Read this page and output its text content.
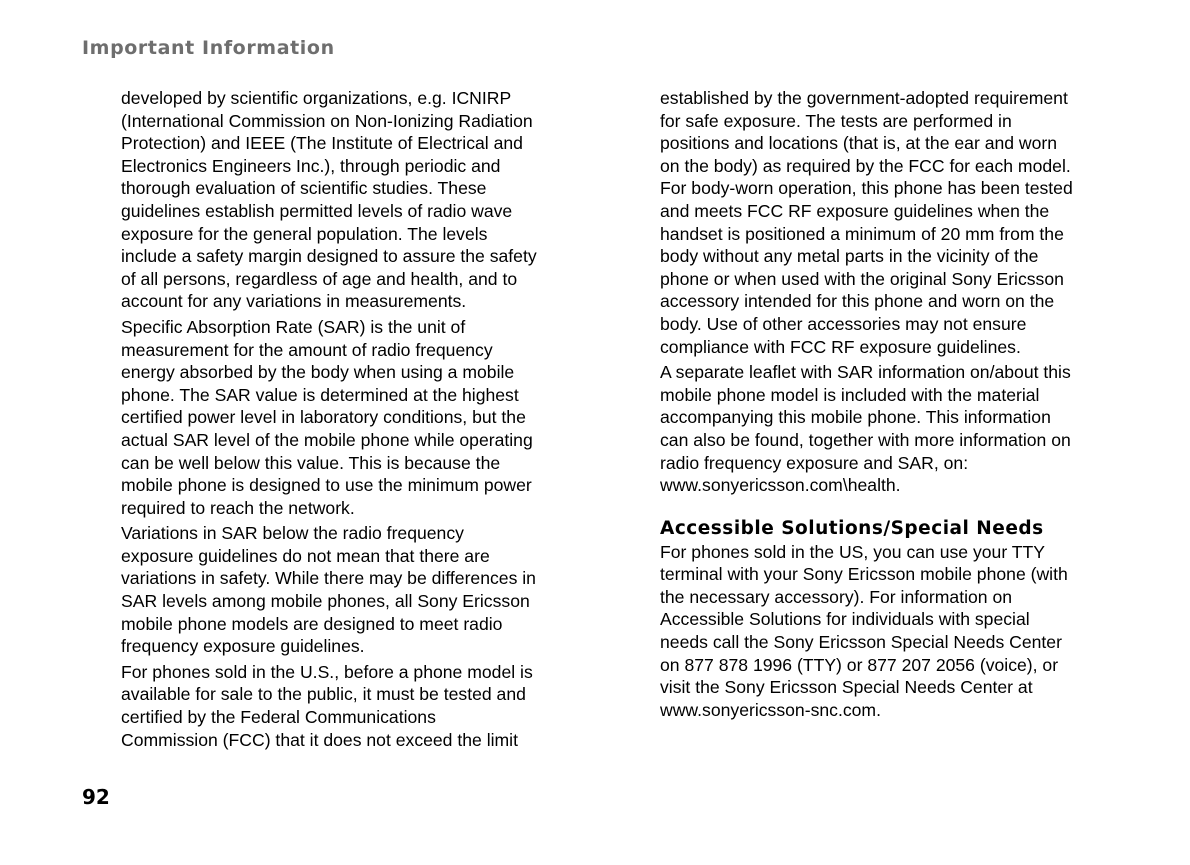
Important Information
developed by scientific organizations, e.g. ICNIRP
(International Commission on Non-Ionizing Radiation
Protection) and IEEE (The Institute of Electrical and
Electronics Engineers Inc.), through periodic and
thorough evaluation of scientific studies. These
guidelines establish permitted levels of radio wave
exposure for the general population. The levels
include a safety margin designed to assure the safety
of all persons, regardless of age and health, and to
account for any variations in measurements.
Specific Absorption Rate (SAR) is the unit of
measurement for the amount of radio frequency
energy absorbed by the body when using a mobile
phone. The SAR value is determined at the highest
certified power level in laboratory conditions, but the
actual SAR level of the mobile phone while operating
can be well below this value. This is because the
mobile phone is designed to use the minimum power
required to reach the network.
Variations in SAR below the radio frequency
exposure guidelines do not mean that there are
variations in safety. While there may be differences in
SAR levels among mobile phones, all Sony Ericsson
mobile phone models are designed to meet radio
frequency exposure guidelines.
For phones sold in the U.S., before a phone model is
available for sale to the public, it must be tested and
certified by the Federal Communications
Commission (FCC) that it does not exceed the limit
established by the government-adopted requirement
for safe exposure. The tests are performed in
positions and locations (that is, at the ear and worn
on the body) as required by the FCC for each model.
For body-worn operation, this phone has been tested
and meets FCC RF exposure guidelines when the
handset is positioned a minimum of 20 mm from the
body without any metal parts in the vicinity of the
phone or when used with the original Sony Ericsson
accessory intended for this phone and worn on the
body. Use of other accessories may not ensure
compliance with FCC RF exposure guidelines.
A separate leaflet with SAR information on/about this
mobile phone model is included with the material
accompanying this mobile phone. This information
can also be found, together with more information on
radio frequency exposure and SAR, on:
www.sonyericsson.com\health.
Accessible Solutions/Special Needs
For phones sold in the US, you can use your TTY
terminal with your Sony Ericsson mobile phone (with
the necessary accessory). For information on
Accessible Solutions for individuals with special
needs call the Sony Ericsson Special Needs Center
on 877 878 1996 (TTY) or 877 207 2056 (voice), or
visit the Sony Ericsson Special Needs Center at
www.sonyericsson-snc.com.
92
